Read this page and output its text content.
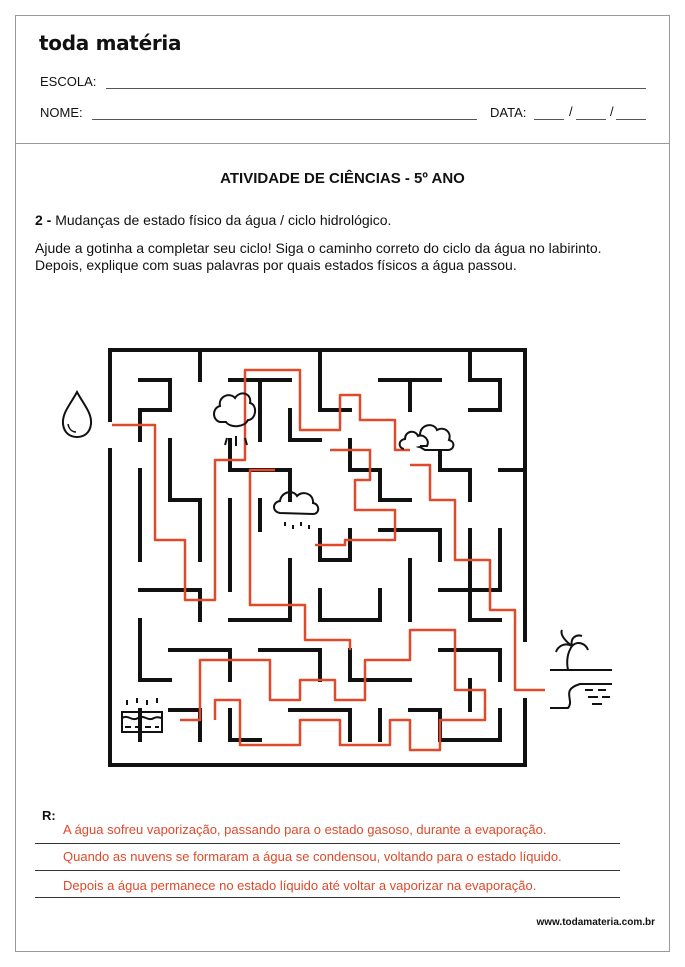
toda matéria
ESCOLA:
NOME:	DATA:	/	/
ATIVIDADE DE CIÊNCIAS - 5º ANO
2 - Mudanças de estado físico da água / ciclo hidrológico.
Ajude a gotinha a completar seu ciclo! Siga o caminho correto do ciclo da água no labirinto.
Depois, explique com suas palavras por quais estados físicos a água passou.
R:
A água sofreu vaporização, passando para o estado gasoso, durante a evaporação.
Quando as nuvens se formaram a água se condensou, voltando para o estado líquido.
Depois a água permanece no estado líquido até voltar a vaporizar na evaporação.
www.todamateria.com.br
